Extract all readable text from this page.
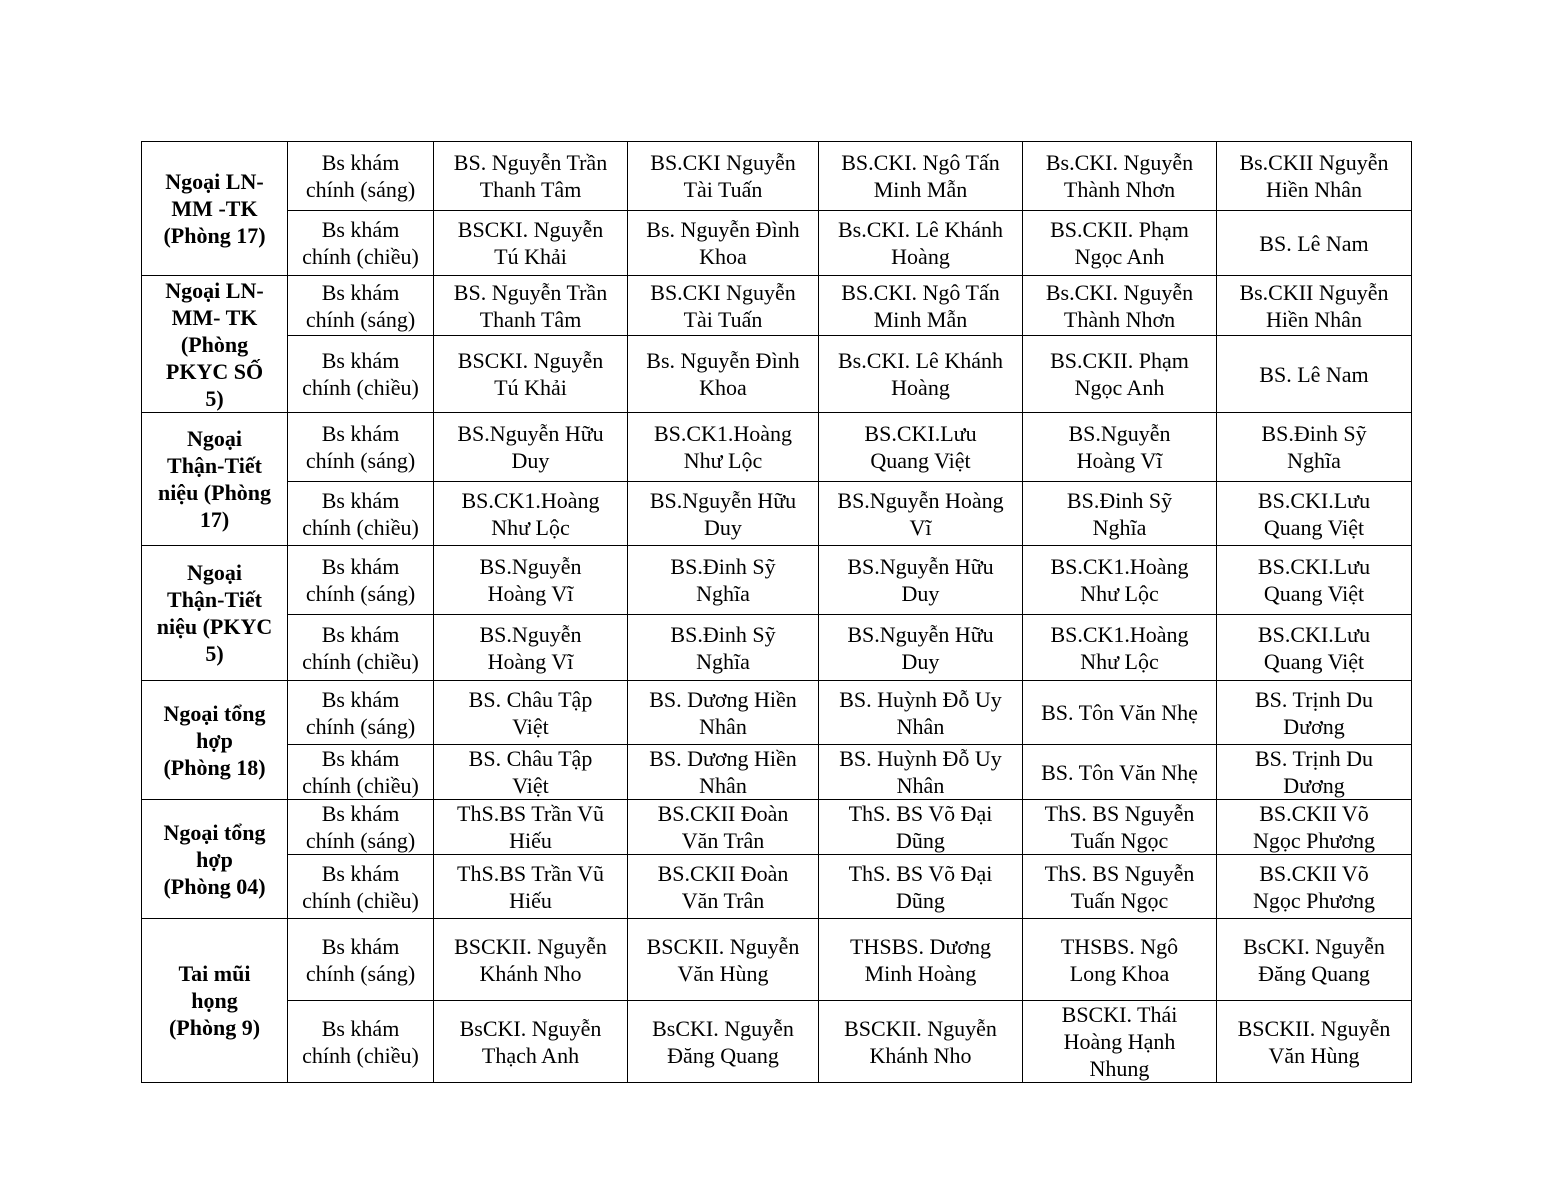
Ngoại LN-
MM -TK
(Phòng 17)	Bs khám
chính (sáng)	BS. Nguyễn Trần
Thanh Tâm	BS.CKI Nguyễn
Tài Tuấn	BS.CKI. Ngô Tấn
Minh Mẫn	Bs.CKI. Nguyễn
Thành Nhơn	Bs.CKII Nguyễn
Hiền Nhân

	Bs khám
chính (chiều)	BSCKI. Nguyễn
Tú Khải	Bs. Nguyễn Đình
Khoa	Bs.CKI. Lê Khánh
Hoàng	BS.CKII. Phạm
Ngọc Anh	BS. Lê Nam

Ngoại LN-
MM- TK
(Phòng
PKYC SỐ
5)	Bs khám
chính (sáng)	BS. Nguyễn Trần
Thanh Tâm	BS.CKI Nguyễn
Tài Tuấn	BS.CKI. Ngô Tấn
Minh Mẫn	Bs.CKI. Nguyễn
Thành Nhơn	Bs.CKII Nguyễn
Hiền Nhân

	Bs khám
chính (chiều)	BSCKI. Nguyễn
Tú Khải	Bs. Nguyễn Đình
Khoa	Bs.CKI. Lê Khánh
Hoàng	BS.CKII. Phạm
Ngọc Anh	BS. Lê Nam

Ngoại
Thận-Tiết
niệu (Phòng
17)	Bs khám
chính (sáng)	BS.Nguyễn Hữu
Duy	BS.CK1.Hoàng
Như Lộc	BS.CKI.Lưu
Quang Việt	BS.Nguyễn
Hoàng Vĩ	BS.Đinh Sỹ
Nghĩa

	Bs khám
chính (chiều)	BS.CK1.Hoàng
Như Lộc	BS.Nguyễn Hữu
Duy	BS.Nguyễn Hoàng
Vĩ	BS.Đinh Sỹ
Nghĩa	BS.CKI.Lưu
Quang Việt

Ngoại
Thận-Tiết
niệu (PKYC
5)	Bs khám
chính (sáng)	BS.Nguyễn
Hoàng Vĩ	BS.Đinh Sỹ
Nghĩa	BS.Nguyễn Hữu
Duy	BS.CK1.Hoàng
Như Lộc	BS.CKI.Lưu
Quang Việt

	Bs khám
chính (chiều)	BS.Nguyễn
Hoàng Vĩ	BS.Đinh Sỹ
Nghĩa	BS.Nguyễn Hữu
Duy	BS.CK1.Hoàng
Như Lộc	BS.CKI.Lưu
Quang Việt

Ngoại tổng
hợp
(Phòng 18)	Bs khám
chính (sáng)	BS. Châu Tập
Việt	BS. Dương Hiền
Nhân	BS. Huỳnh Đỗ Uy
Nhân	BS. Tôn Văn Nhẹ	BS. Trịnh Du
Dương

	Bs khám
chính (chiều)	BS. Châu Tập
Việt	BS. Dương Hiền
Nhân	BS. Huỳnh Đỗ Uy
Nhân	BS. Tôn Văn Nhẹ	BS. Trịnh Du
Dương

Ngoại tổng
hợp
(Phòng 04)	Bs khám
chính (sáng)	ThS.BS Trần Vũ
Hiếu	BS.CKII Đoàn
Văn Trân	ThS. BS Võ Đại
Dũng	ThS. BS Nguyễn
Tuấn Ngọc	BS.CKII Võ
Ngọc Phương

	Bs khám
chính (chiều)	ThS.BS Trần Vũ
Hiếu	BS.CKII Đoàn
Văn Trân	ThS. BS Võ Đại
Dũng	ThS. BS Nguyễn
Tuấn Ngọc	BS.CKII Võ
Ngọc Phương

Tai mũi
họng
(Phòng 9)	Bs khám
chính (sáng)	BSCKII. Nguyễn
Khánh Nho	BSCKII. Nguyễn
Văn Hùng	THSBS. Dương
Minh Hoàng	THSBS. Ngô
Long Khoa	BsCKI. Nguyễn
Đăng Quang

	Bs khám
chính (chiều)	BsCKI. Nguyễn
Thạch Anh	BsCKI. Nguyễn
Đăng Quang	BSCKII. Nguyễn
Khánh Nho	BSCKI. Thái
Hoàng Hạnh
Nhung	BSCKII. Nguyễn
Văn Hùng
